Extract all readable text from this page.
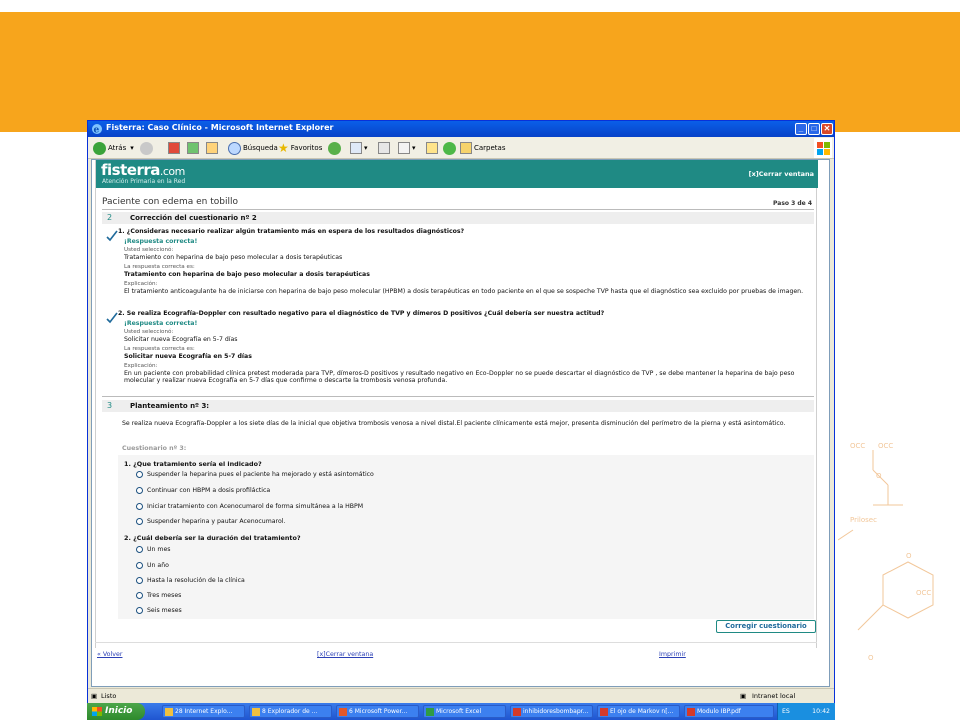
OCC OCC
O
Prilosec
O
OCC
O
e Fisterra: Caso Clínico - Microsoft Internet Explorer	_	□ ✕
Atrás ▾	Búsqueda ★ Favoritos	▾	▾	Carpetas
fisterra.com
Atención Primaria en la Red
[x]Cerrar ventana
Paciente con edema en tobillo	Paso 3 de 4
2	Corrección del cuestionario nº 2
1. ¿Consideras necesario realizar algún tratamiento más en espera de los resultados diagnósticos?
¡Respuesta correcta!
Usted seleccionó:
Tratamiento con heparina de bajo peso molecular a dosis terapéuticas
La respuesta correcta es:
Tratamiento con heparina de bajo peso molecular a dosis terapéuticas
Explicación:
El tratamiento anticoagulante ha de iniciarse con heparina de bajo peso molecular (HPBM) a dosis terapéuticas en todo paciente en el que se sospeche TVP hasta que el diagnóstico sea excluido por pruebas de imagen.
2. Se realiza Ecografía-Doppler con resultado negativo para el diagnóstico de TVP y dímeros D positivos ¿Cuál debería ser nuestra actitud?
¡Respuesta correcta!
Usted seleccionó:
Solicitar nueva Ecografía en 5-7 días
La respuesta correcta es:
Solicitar nueva Ecografía en 5-7 días
Explicación:
En un paciente con probabilidad clínica pretest moderada para TVP, dímeros-D positivos y resultado negativo en Eco-Doppler no se puede descartar el diagnóstico de TVP , se debe mantener la heparina de bajo peso molecular y realizar nueva Ecografía en 5-7 días que confirme o descarte la trombosis venosa profunda.
3	Planteamiento nº 3:
Se realiza nueva Ecografía-Doppler a los siete días de la inicial que objetiva trombosis venosa a nivel distal.El paciente clínicamente está mejor, presenta disminución del perímetro de la pierna y está asintomático.
Cuestionario nº 3:
1. ¿Que tratamiento sería el indicado?
Suspender la heparina pues el paciente ha mejorado y está asintomático
Continuar con HBPM a dosis profiláctica
Iniciar tratamiento con Acenocumarol de forma simultánea a la HBPM
Suspender heparina y pautar Acenocumarol.
2. ¿Cuál debería ser la duración del tratamiento?
Un mes
Un año
Hasta la resolución de la clínica
Tres meses
Seis meses
Corregir cuestionario
« Volver	[x]Cerrar ventana	Imprimir
▣ Listo	▣ Intranet local
Inicio	28 Internet Explo...	8 Explorador de ...	6 Microsoft Power...	Microsoft Excel	inhibidoresbombapr...	El ojo de Markov n[...	Modulo IBP.pdf	ES	10:42
